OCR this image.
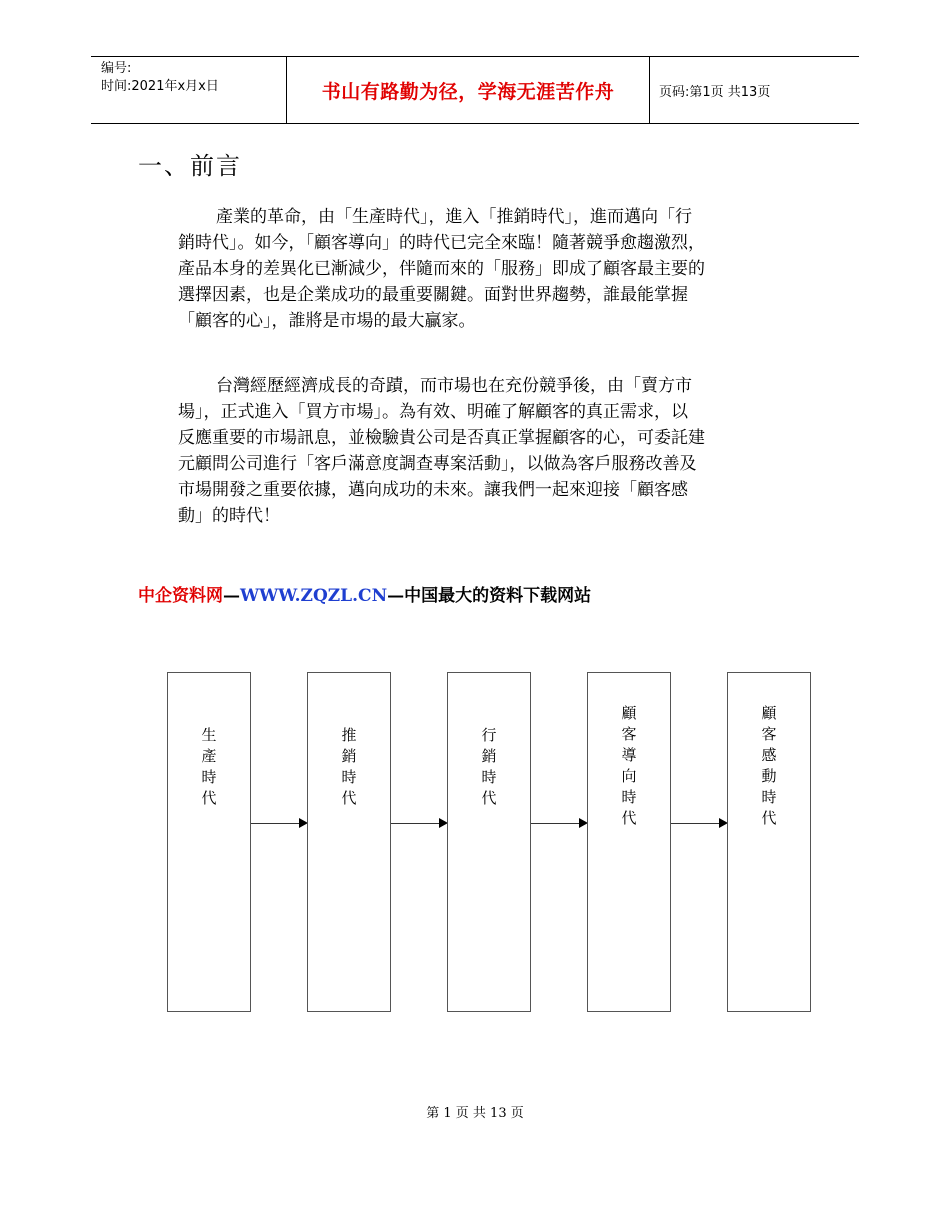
编号:
时间:2021年x月x日	书山有路勤为径，学海无涯苦作舟	页码:第1页 共13页
一、前言
產業的革命，由「生產時代」，進入「推銷時代」，進而邁向「行
銷時代」。如今，「顧客導向」的時代已完全來臨！隨著競爭愈趨激烈，
產品本身的差異化已漸減少，伴隨而來的「服務」即成了顧客最主要的
選擇因素，也是企業成功的最重要關鍵。面對世界趨勢，誰最能掌握
「顧客的心」，誰將是市場的最大贏家。
台灣經歷經濟成長的奇蹟，而市場也在充份競爭後，由「賣方市
場」，正式進入「買方市場」。為有效、明確了解顧客的真正需求，以
反應重要的市場訊息，並檢驗貴公司是否真正掌握顧客的心，可委託建
元顧問公司進行「客戶滿意度調查專案活動」，以做為客戶服務改善及
市場開發之重要依據，邁向成功的未來。讓我們一起來迎接「顧客感
動」的時代！
中企资料网—WWW.ZQZL.CN—中国最大的资料下载网站
生
產
時
代
推
銷
時
代
行
銷
時
代
顧
客
導
向
時
代
顧
客
感
動
時
代
第 1 页 共 13 页
